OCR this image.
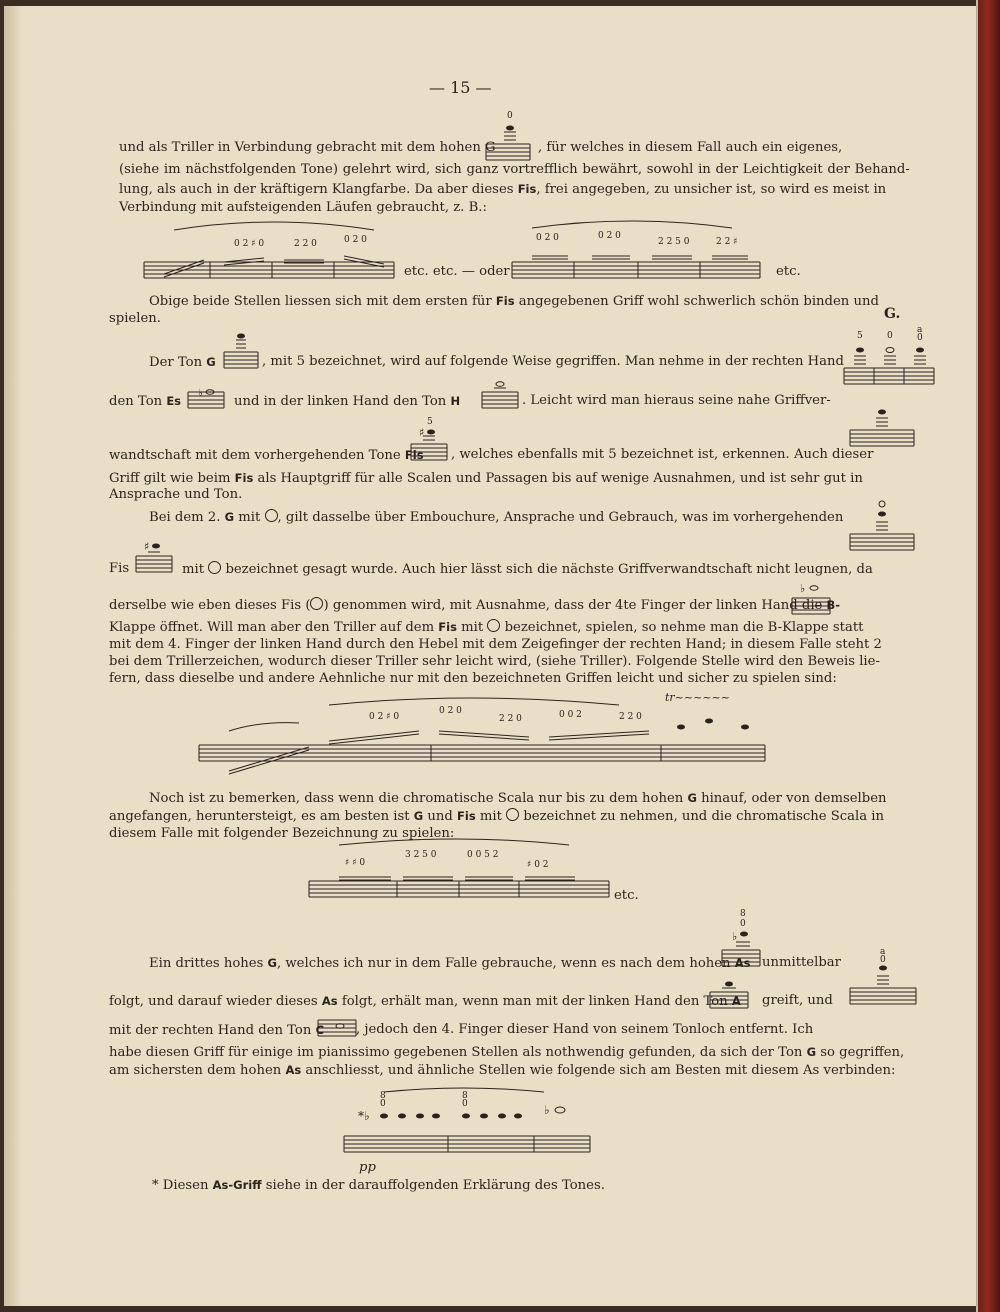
— 15 —
G.
und als Triller in Verbindung gebracht mit dem hohen G	, für welches in diesem Fall auch ein eigenes,
(siehe im nächstfolgenden Tone) gelehrt wird, sich ganz vortrefflich bewährt, sowohl in der Leichtigkeit der Behand-
lung, als auch in der kräftigern Klangfarbe. Da aber dieses Fis, frei angegeben, zu unsicher ist, so wird es meist in
Verbindung mit aufsteigenden Läufen gebraucht, z. B.:
etc. etc. — oder	etc.
Obige beide Stellen liessen sich mit dem ersten für Fis angegebenen Griff wohl schwerlich schön binden und
spielen.
Der Ton G	, mit 5 bezeichnet, wird auf folgende Weise gegriffen. Man nehme in der rechten Hand
den Ton Es	und in der linken Hand den Ton H	. Leicht wird man hieraus seine nahe Griffver-
wandtschaft mit dem vorhergehenden Tone Fis , welches ebenfalls mit 5 bezeichnet ist, erkennen. Auch dieser
Griff gilt wie beim Fis als Hauptgriff für alle Scalen und Passagen bis auf wenige Ausnahmen, und ist sehr gut in
Ansprache und Ton.
Bei dem 2. G mit , gilt dasselbe über Embouchure, Ansprache und Gebrauch, was im vorhergehenden
Fis	mit bezeichnet gesagt wurde. Auch hier lässt sich die nächste Griffverwandtschaft nicht leugnen, da
derselbe wie eben dieses Fis ( ) genommen wird, mit Ausnahme, dass der 4te Finger der linken Hand die B-
Klappe öffnet. Will man aber den Triller auf dem Fis mit bezeichnet, spielen, so nehme man die B-Klappe statt
mit dem 4. Finger der linken Hand durch den Hebel mit dem Zeigefinger der rechten Hand; in diesem Falle steht 2
bei dem Trillerzeichen, wodurch dieser Triller sehr leicht wird, (siehe Triller). Folgende Stelle wird den Beweis lie-
fern, dass dieselbe und andere Aehnliche nur mit den bezeichneten Griffen leicht und sicher zu spielen sind:
Noch ist zu bemerken, dass wenn die chromatische Scala nur bis zu dem hohen G hinauf, oder von demselben
angefangen, heruntersteigt, es am besten ist G und Fis mit bezeichnet zu nehmen, und die chromatische Scala in
diesem Falle mit folgender Bezeichnung zu spielen:
etc.
Ein drittes hohes G, welches ich nur in dem Falle gebrauche, wenn es nach dem hohen As unmittelbar
folgt, und darauf wieder dieses As folgt, erhält man, wenn man mit der linken Hand den Ton A greift, und
mit der rechten Hand den Ton C , jedoch den 4. Finger dieser Hand von seinem Tonloch entfernt. Ich
habe diesen Griff für einige im pianissimo gegebenen Stellen als nothwendig gefunden, da sich der Ton G so gegriffen,
am sichersten dem hohen As anschliesst, und ähnliche Stellen wie folgende sich am Besten mit diesem As verbinden:
pp
* Diesen As-Griff siehe in der darauffolgenden Erklärung des Tones.
0
♭
♯
5
♯
♭
♭
8
0
0 2 ♯ 0	2 2 0	0 2 0	0 2 0	0 2 0
2 2 5 0	2 2 ♯
0 2 ♯ 0
0 2 0
2 2 0	0 0 2	2 2 0
tr~~~~~~
♯ ♯ 0
3 2 5 0	0 0 5 2
♯ 0 2
*♭	♭
8
0
8
0
5	0
a
0
a
0
